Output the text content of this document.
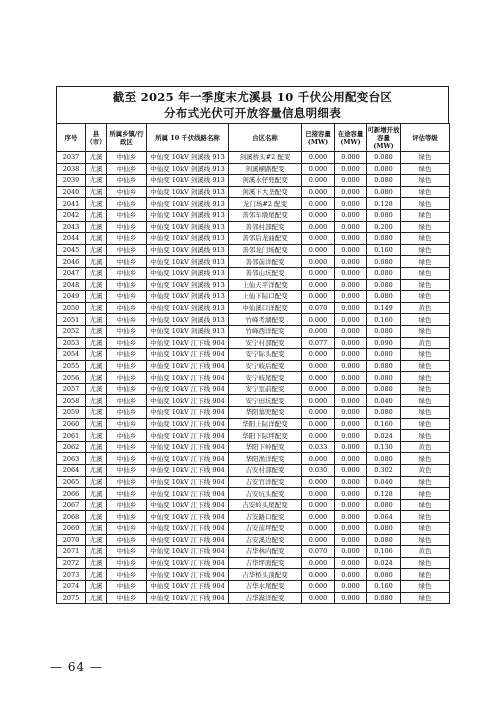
截至 2025 年一季度末尤溪县 10 千伏公用配变台区
分布式光伏可开放容量信息明细表
序号	县（市）	所属乡镇/行政区	所属 10 千伏线路名称	台区名称	已接容量(MW)	在途容量(MW)	可新增开放容量(MW)	评估等级
2037	尤溪	中仙乡	中仙变 10kV 剑溪线 913	剑溪桥头#2 配变	0.000	0.000	0.080	绿色
2038	尤溪	中仙乡	中仙变 10kV 剑溪线 913	剑溪横路配变	0.000	0.000	0.080	绿色
2039	尤溪	中仙乡	中仙变 10kV 剑溪线 913	剑溪水仔兜配变	0.000	0.000	0.080	绿色
2040	尤溪	中仙乡	中仙变 10kV 剑溪线 913	剑溪下大垄配变	0.000	0.000	0.080	绿色
2041	尤溪	中仙乡	中仙变 10kV 剑溪线 913	龙门场#2 配变	0.000	0.000	0.128	绿色
2042	尤溪	中仙乡	中仙变 10kV 剑溪线 913	善邻车墩尾配变	0.000	0.000	0.080	绿色
2043	尤溪	中仙乡	中仙变 10kV 剑溪线 913	善邻村部配变	0.000	0.000	0.200	绿色
2044	尤溪	中仙乡	中仙变 10kV 剑溪线 913	善邻后龙曲配变	0.000	0.000	0.080	绿色
2045	尤溪	中仙乡	中仙变 10kV 剑溪线 913	善邻龙门场配变	0.000	0.000	0.160	绿色
2046	尤溪	中仙乡	中仙变 10kV 剑溪线 913	善邻前洋配变	0.000	0.000	0.080	绿色
2047	尤溪	中仙乡	中仙变 10kV 剑溪线 913	善邻山坑配变	0.000	0.000	0.080	绿色
2048	尤溪	中仙乡	中仙变 10kV 剑溪线 913	上仙天平洋配变	0.000	0.000	0.080	绿色
2049	尤溪	中仙乡	中仙变 10kV 剑溪线 913	上仙下际口配变	0.000	0.000	0.080	绿色
2050	尤溪	中仙乡	中仙变 10kV 剑溪线 913	中仙溪口洋配变	0.070	0.000	0.149	黄色
2051	尤溪	中仙乡	中仙变 10kV 剑溪线 913	竹峰考湖配变	0.000	0.000	0.160	绿色
2052	尤溪	中仙乡	中仙变 10kV 剑溪线 913	竹峰西洋配变	0.000	0.000	0.080	绿色
2053	尤溪	中仙乡	中仙变 10kV 江下线 904	安宁村部配变	0.077	0.000	0.090	黄色
2054	尤溪	中仙乡	中仙变 10kV 江下线 904	安宁际头配变	0.000	0.000	0.080	绿色
2055	尤溪	中仙乡	中仙变 10kV 江下线 904	安宁岐后配变	0.000	0.000	0.080	绿色
2056	尤溪	中仙乡	中仙变 10kV 江下线 904	安宁岐尾配变	0.000	0.000	0.080	绿色
2057	尤溪	中仙乡	中仙变 10kV 江下线 904	安宁室前配变	0.000	0.000	0.080	绿色
2058	尤溪	中仙乡	中仙变 10kV 江下线 904	安宁田坑配变	0.000	0.000	0.040	绿色
2059	尤溪	中仙乡	中仙变 10kV 江下线 904	华阳墓兜配变	0.000	0.000	0.080	绿色
2060	尤溪	中仙乡	中仙变 10kV 江下线 904	华阳上际洋配变	0.000	0.000	0.160	绿色
2061	尤溪	中仙乡	中仙变 10kV 江下线 904	华阳下际坪配变	0.000	0.000	0.024	绿色
2062	尤溪	中仙乡	中仙变 10kV 江下线 904	华阳下岭配变	0.033	0.000	0.130	黄色
2063	尤溪	中仙乡	中仙变 10kV 江下线 904	华阳渔洋配变	0.000	0.000	0.080	绿色
2064	尤溪	中仙乡	中仙变 10kV 江下线 904	吉安村部配变	0.030	0.000	0.302	黄色
2065	尤溪	中仙乡	中仙变 10kV 江下线 904	吉安官洋配变	0.000	0.000	0.040	绿色
2066	尤溪	中仙乡	中仙变 10kV 江下线 904	吉安坑头配变	0.000	0.000	0.128	绿色
2067	尤溪	中仙乡	中仙变 10kV 江下线 904	吉安岭头尾配变	0.000	0.000	0.080	绿色
2068	尤溪	中仙乡	中仙变 10kV 江下线 904	吉安路口配变	0.000	0.000	0.064	绿色
2069	尤溪	中仙乡	中仙变 10kV 江下线 904	吉安前坪配变	0.000	0.000	0.080	绿色
2070	尤溪	中仙乡	中仙变 10kV 江下线 904	吉安溪边配变	0.000	0.000	0.080	绿色
2071	尤溪	中仙乡	中仙变 10kV 江下线 904	吉华林内配变	0.070	0.000	0.106	黄色
2072	尤溪	中仙乡	中仙变 10kV 江下线 904	吉华坪面配变	0.000	0.000	0.024	绿色
2073	尤溪	中仙乡	中仙变 10kV 江下线 904	吉华桥头顶配变	0.000	0.000	0.080	绿色
2074	尤溪	中仙乡	中仙变 10kV 江下线 904	吉华水尾配变	0.000	0.000	0.160	绿色
2075	尤溪	中仙乡	中仙变 10kV 江下线 904	吉华嵩洋配变	0.000	0.000	0.080	绿色
— 64 —
